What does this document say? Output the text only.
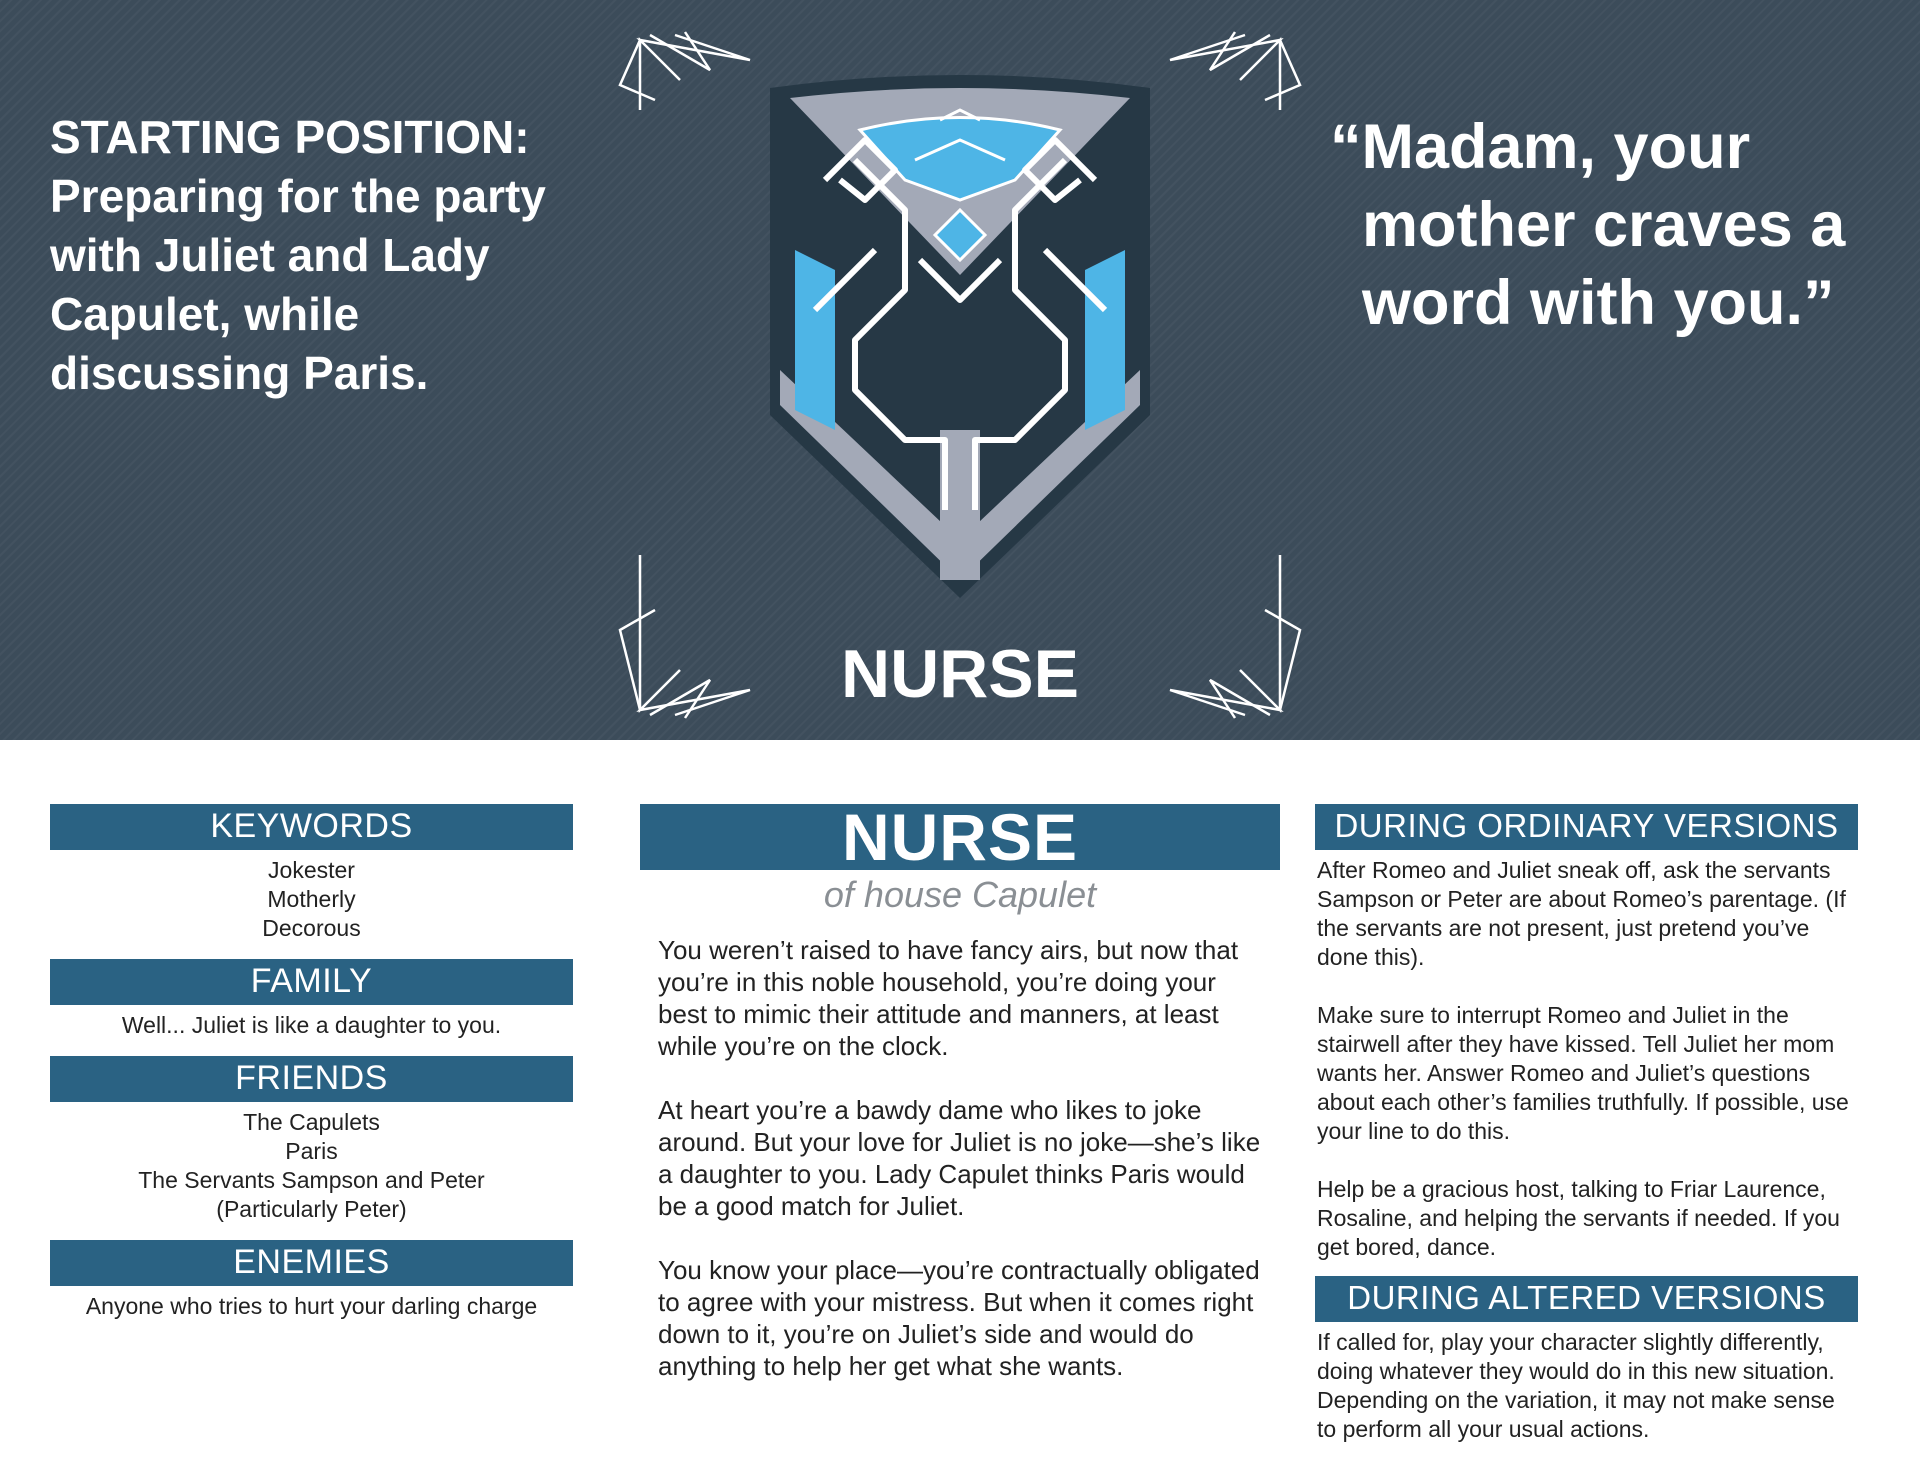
STARTING POSITION: Preparing for the party with Juliet and Lady Capulet, while discussing Paris.
“Madam, your
mother craves a
word with you.”
NURSE
KEYWORDS
Jokester
Motherly
Decorous
FAMILY
Well... Juliet is like a daughter to you.
FRIENDS
The Capulets
Paris
The Servants Sampson and Peter
(Particularly Peter)
ENEMIES
Anyone who tries to hurt your darling charge
NURSE
of house Capulet

You weren’t raised to have fancy airs, but now that you’re in this noble household, you’re doing your best to mimic their attitude and manners, at least while you’re on the clock.

At heart you’re a bawdy dame who likes to joke around. But your love for Juliet is no joke—she’s like a daughter to you. Lady Capulet thinks Paris would be a good match for Juliet.

You know your place—you’re contractually obligated to agree with your mistress. But when it comes right down to it, you’re on Juliet’s side and would do anything to help her get what she wants.

DURING ORDINARY VERSIONS

After Romeo and Juliet sneak off, ask the servants Sampson or Peter are about Romeo’s parentage. (If the servants are not present, just pretend you’ve done this).

Make sure to interrupt Romeo and Juliet in the stairwell after they have kissed. Tell Juliet her mom wants her. Answer Romeo and Juliet’s questions about each other’s families truthfully. If possible, use your line to do this.

Help be a gracious host, talking to Friar Laurence, Rosaline, and helping the servants if needed. If you get bored, dance.

DURING ALTERED VERSIONS

If called for, play your character slightly differently, doing whatever they would do in this new situation. Depending on the variation, it may not make sense to perform all your usual actions.
